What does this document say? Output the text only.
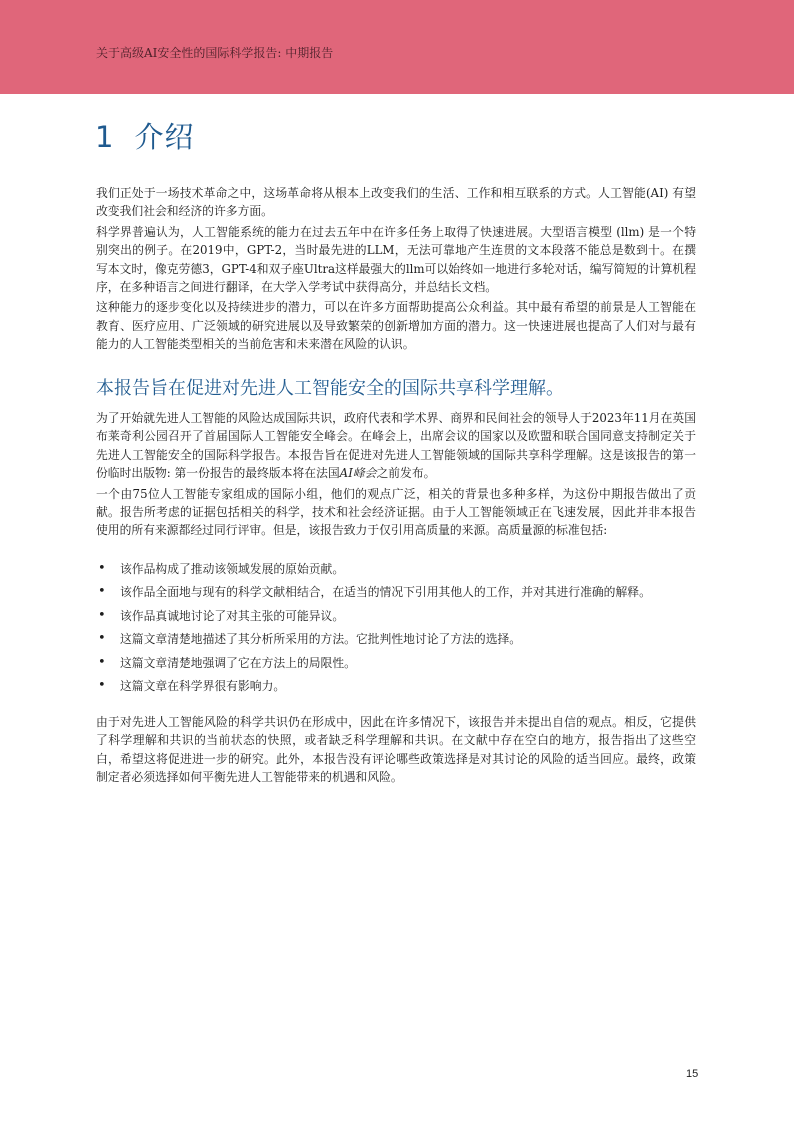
关于高级AI安全性的国际科学报告: 中期报告
1 介绍

我们正处于一场技术革命之中，这场革命将从根本上改变我们的生活、工作和相互联系的方式。人工智能(AI) 有望改变我们社会和经济的许多方面。

科学界普遍认为，人工智能系统的能力在过去五年中在许多任务上取得了快速进展。大型语言模型 (llm) 是一个特别突出的例子。在2019中，GPT-2，当时最先进的LLM，无法可靠地产生连贯的文本段落不能总是数到十。在撰写本文时，像克劳德3，GPT-4和双子座Ultra这样最强大的llm可以始终如一地进行多轮对话，编写简短的计算机程序，在多种语言之间进行翻译，在大学入学考试中获得高分，并总结长文档。

这种能力的逐步变化以及持续进步的潜力，可以在许多方面帮助提高公众利益。其中最有希望的前景是人工智能在教育、医疗应用、广泛领域的研究进展以及导致繁荣的创新增加方面的潜力。这一快速进展也提高了人们对与最有能力的人工智能类型相关的当前危害和未来潜在风险的认识。

本报告旨在促进对先进人工智能安全的国际共享科学理解。

为了开始就先进人工智能的风险达成国际共识，政府代表和学术界、商界和民间社会的领导人于2023年11月在英国布莱奇利公园召开了首届国际人工智能安全峰会。在峰会上，出席会议的国家以及欧盟和联合国同意支持制定关于先进人工智能安全的国际科学报告。本报告旨在促进对先进人工智能领域的国际共享科学理解。这是该报告的第一份临时出版物: 第一份报告的最终版本将在法国AI峰会之前发布。

一个由75位人工智能专家组成的国际小组，他们的观点广泛，相关的背景也多种多样，为这份中期报告做出了贡献。报告所考虑的证据包括相关的科学，技术和社会经济证据。由于人工智能领域正在飞速发展，因此并非本报告使用的所有来源都经过同行评审。但是，该报告致力于仅引用高质量的来源。高质量源的标准包括:

• 该作品构成了推动该领域发展的原始贡献。
• 该作品全面地与现有的科学文献相结合，在适当的情况下引用其他人的工作，并对其进行准确的解释。
• 该作品真诚地讨论了对其主张的可能异议。
• 这篇文章清楚地描述了其分析所采用的方法。它批判性地讨论了方法的选择。
• 这篇文章清楚地强调了它在方法上的局限性。
• 这篇文章在科学界很有影响力。

由于对先进人工智能风险的科学共识仍在形成中，因此在许多情况下，该报告并未提出自信的观点。相反，它提供了科学理解和共识的当前状态的快照，或者缺乏科学理解和共识。在文献中存在空白的地方，报告指出了这些空白，希望这将促进进一步的研究。此外，本报告没有评论哪些政策选择是对其讨论的风险的适当回应。最终，政策制定者必须选择如何平衡先进人工智能带来的机遇和风险。

15
